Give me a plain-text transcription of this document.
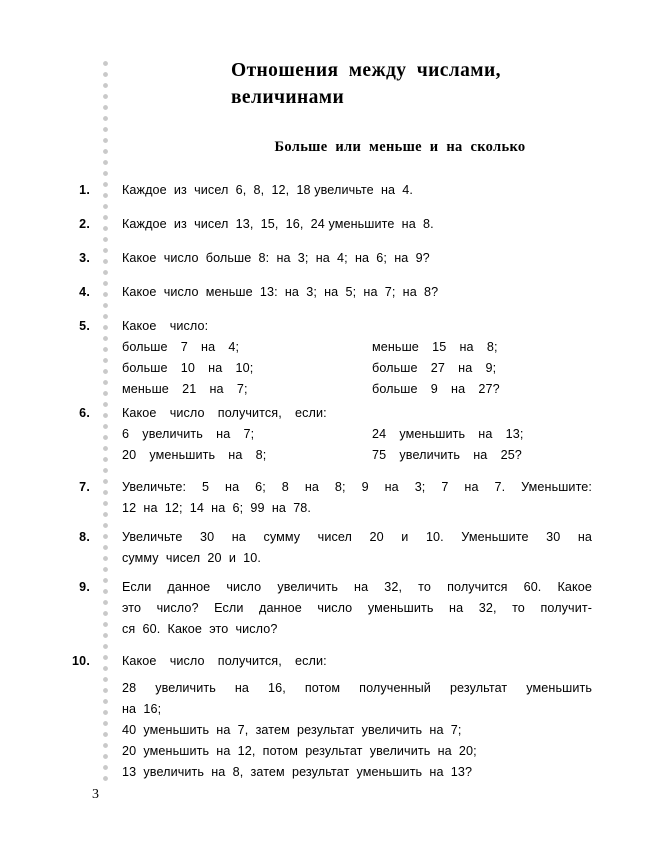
Отношения между числами,
величинами
Больше или меньше и на сколько
1.	Каждое  из  чисел  6,  8,  12,  18 увеличьте  на  4.
2.	Каждое  из  чисел  13,  15,  16,  24 уменьшите  на  8.
3.	Какое  число  больше  8:  на  3;  на  4;  на  6;  на  9?
4.	Какое  число  меньше  13:  на  3;  на  5;  на  7;  на  8?
5.	Какое  число:
больше  7  на  4;	меньше  15  на  8;
больше  10  на  10;	больше  27  на  9;
меньше  21  на  7;	больше  9  на  27?
6.	Какое  число  получится,  если:
6  увеличить  на  7;	24  уменьшить  на  13;
20  уменьшить  на  8;	75  увеличить  на  25?
7.	Увеличьте: 5 на 6; 8 на 8; 9 на 3; 7 на 7. Уменьшите:
12  на  12;  14  на  6;  99  на  78.
8.	Увеличьте 30 на сумму чисел 20 и 10. Уменьшите 30 на
сумму  чисел  20  и  10.
9.	Если данное число увеличить на 32, то получится 60. Какое
это число? Если данное число уменьшить на 32, то получит-
ся  60.  Какое  это  число?
10.	Какое  число  получится,  если:
28 увеличить на 16, потом полученный результат уменьшить
на  16;
40  уменьшить  на  7,  затем  результат  увеличить  на  7;
20  уменьшить  на  12,  потом  результат  увеличить  на  20;
13  увеличить  на  8,  затем  результат  уменьшить  на  13?
3
